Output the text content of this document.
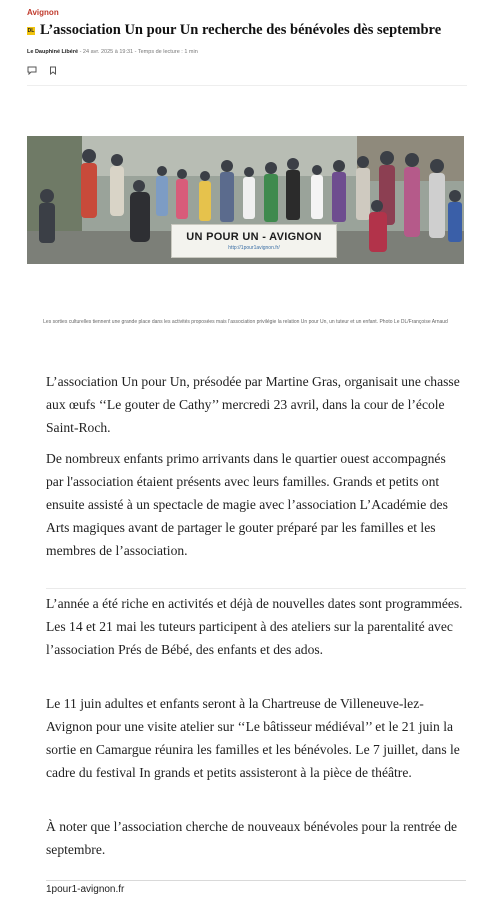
Avignon
DL L’association Un pour Un recherche des bénévoles dès septembre
Le Dauphiné Libéré - 24 avr. 2025 à 19:31 - Temps de lecture : 1 min
UN POUR UN - AVIGNON
http://1pour1avignon.fr/
Les sorties culturelles tiennent une grande place dans les activités proposées mais l’association privilégie la relation Un pour Un, un tuteur et un enfant. Photo Le DL/Françoise Arnaud

L’association Un pour Un, présodée par Martine Gras, organisait une chasse aux œufs ‘‘Le gouter de Cathy’’ mercredi 23 avril, dans la cour de l’école Saint-Roch.

De nombreux enfants primo arrivants dans le quartier ouest accompagnés par l'association étaient présents avec leurs familles. Grands et petits ont ensuite assisté à un spectacle de magie avec l’association L’Académie des Arts magiques avant de partager le gouter préparé par les familles et les membres de l’association.

L’année a été riche en activités et déjà de nouvelles dates sont programmées. Les 14 et 21 mai les tuteurs participent à des ateliers sur la parentalité avec l’association Prés de Bébé, des enfants et des ados.

Le 11 juin adultes et enfants seront à la Chartreuse de Villeneuve-lez- Avignon pour une visite atelier sur ‘‘Le bâtisseur médiéval’’ et le 21 juin la sortie en Camargue réunira les familles et les bénévoles. Le 7 juillet, dans le cadre du festival In grands et petits assisteront à la pièce de théâtre.

À noter que l’association cherche de nouveaux bénévoles pour la rentrée de septembre.

1pour1-avignon.fr
